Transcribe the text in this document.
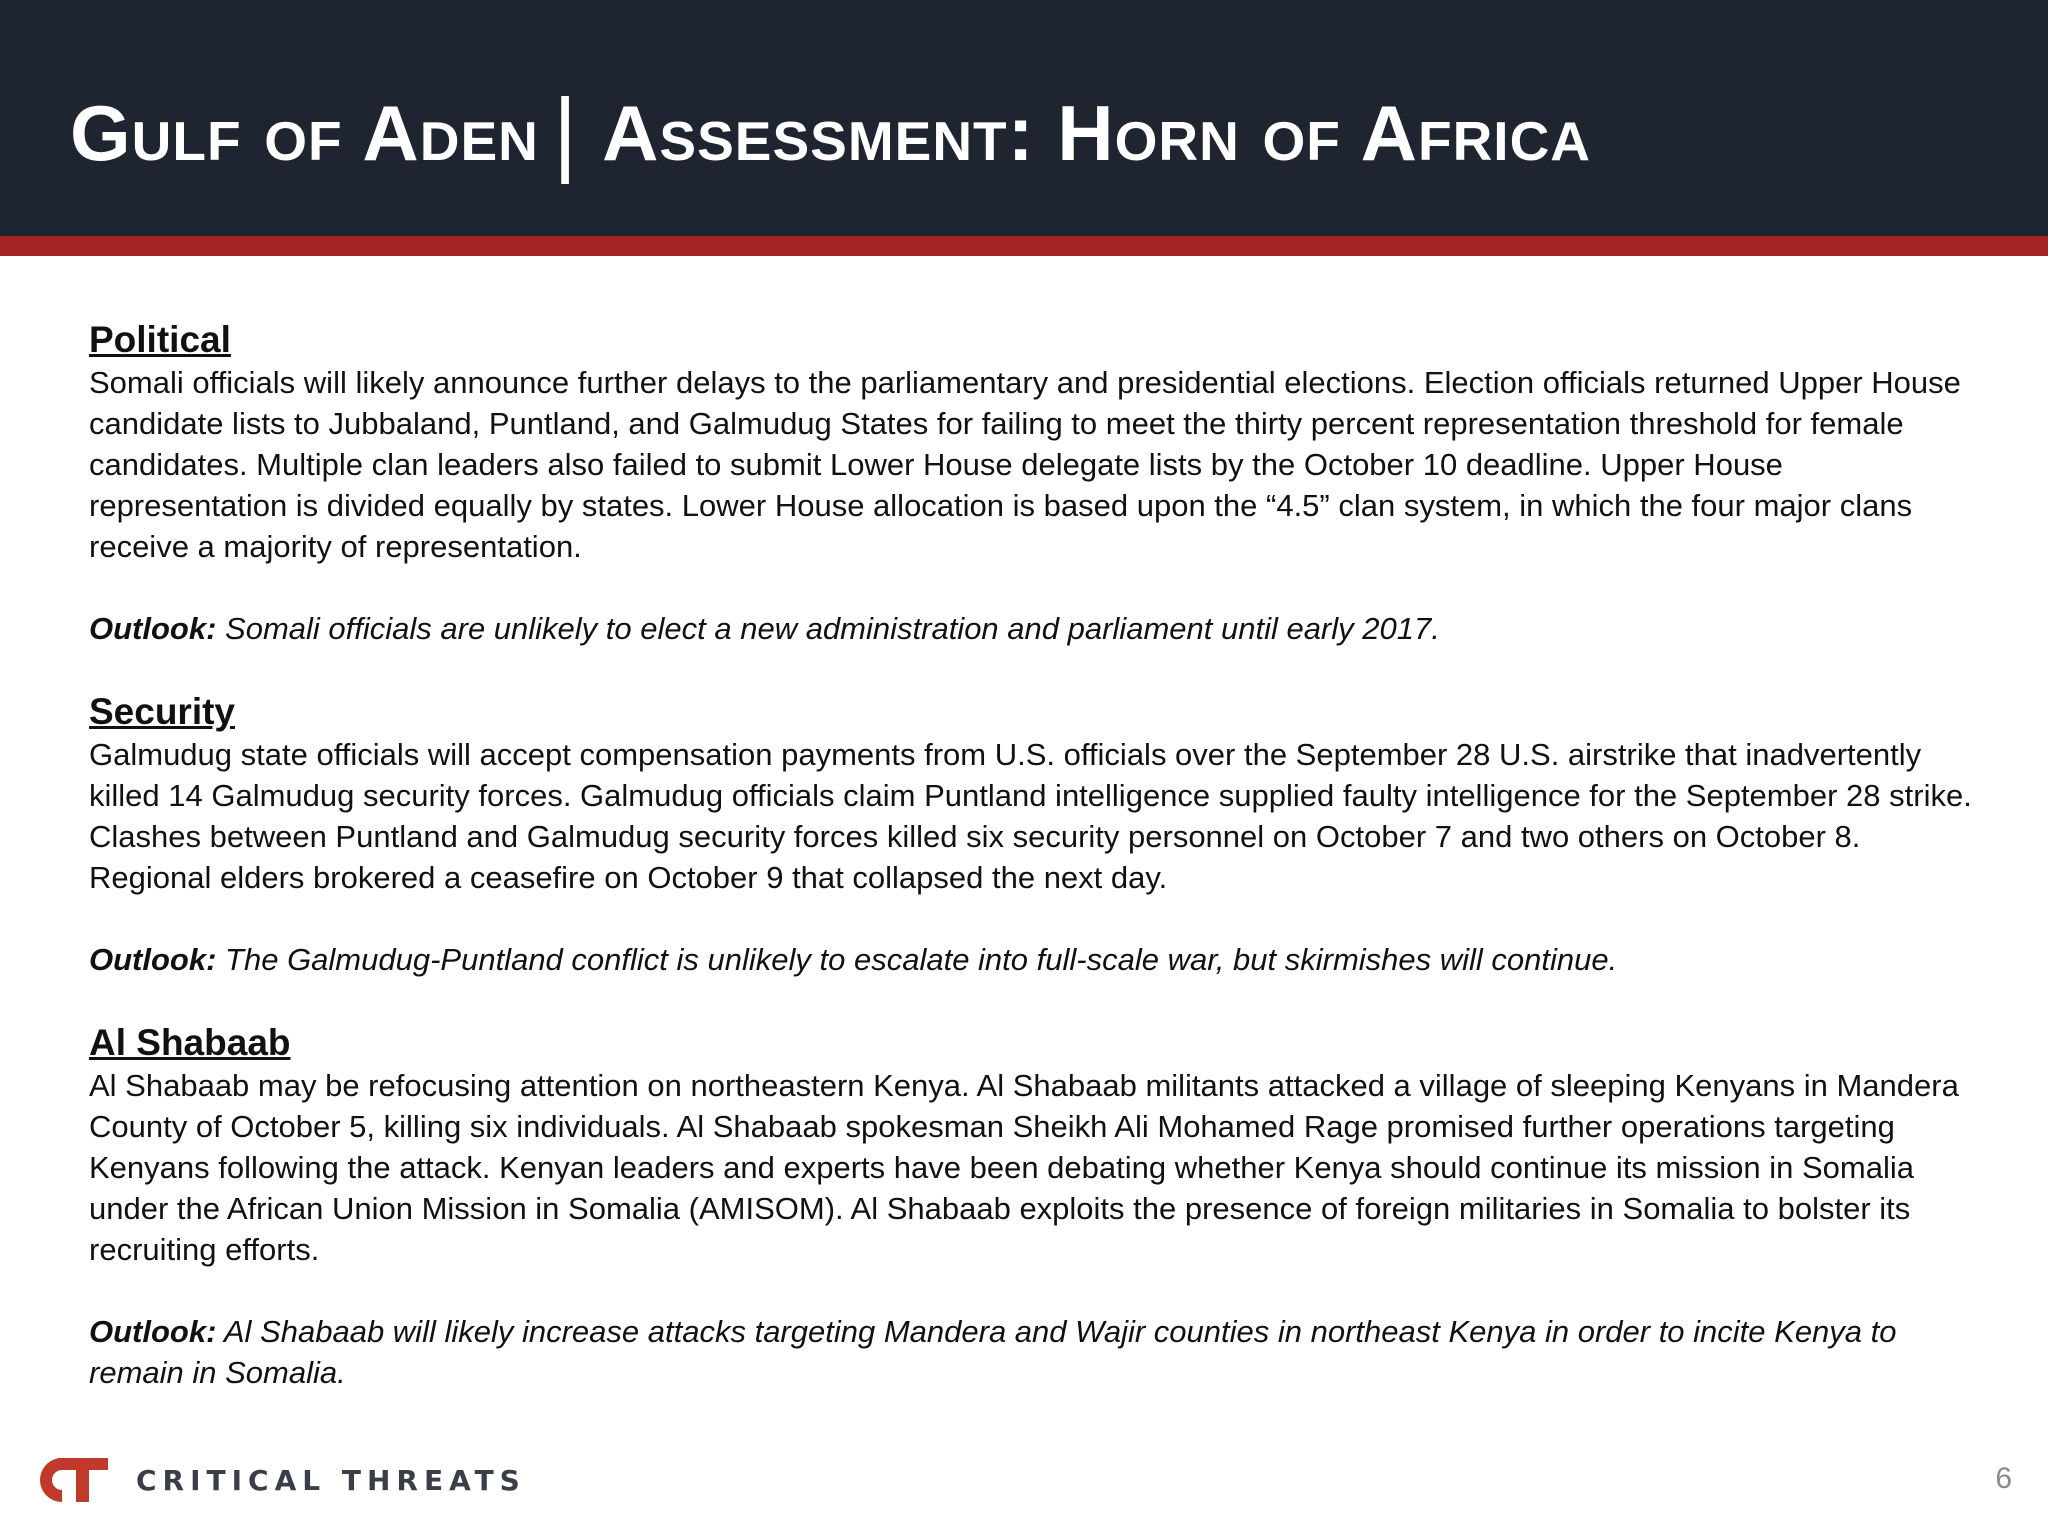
Gulf of Aden | Assessment: Horn of Africa

Political

Somali officials will likely announce further delays to the parliamentary and presidential elections. Election officials returned Upper House candidate lists to Jubbaland, Puntland, and Galmudug States for failing to meet the thirty percent representation threshold for female candidates. Multiple clan leaders also failed to submit Lower House delegate lists by the October 10 deadline. Upper House representation is divided equally by states. Lower House allocation is based upon the “4.5” clan system, in which the four major clans receive a majority of representation.

Outlook: Somali officials are unlikely to elect a new administration and parliament until early 2017.

Security

Galmudug state officials will accept compensation payments from U.S. officials over the September 28 U.S. airstrike that inadvertently killed 14 Galmudug security forces. Galmudug officials claim Puntland intelligence supplied faulty intelligence for the September 28 strike. Clashes between Puntland and Galmudug security forces killed six security personnel on October 7 and two others on October 8. Regional elders brokered a ceasefire on October 9 that collapsed the next day.

Outlook: The Galmudug-Puntland conflict is unlikely to escalate into full-scale war, but skirmishes will continue.

Al Shabaab

Al Shabaab may be refocusing attention on northeastern Kenya. Al Shabaab militants attacked a village of sleeping Kenyans in Mandera County of October 5, killing six individuals. Al Shabaab spokesman Sheikh Ali Mohamed Rage promised further operations targeting Kenyans following the attack. Kenyan leaders and experts have been debating whether Kenya should continue its mission in Somalia under the African Union Mission in Somalia (AMISOM). Al Shabaab exploits the presence of foreign militaries in Somalia to bolster its recruiting efforts.

Outlook: Al Shabaab will likely increase attacks targeting Mandera and Wajir counties in northeast Kenya in order to incite Kenya to remain in Somalia.

CRITICAL THREATS	6
